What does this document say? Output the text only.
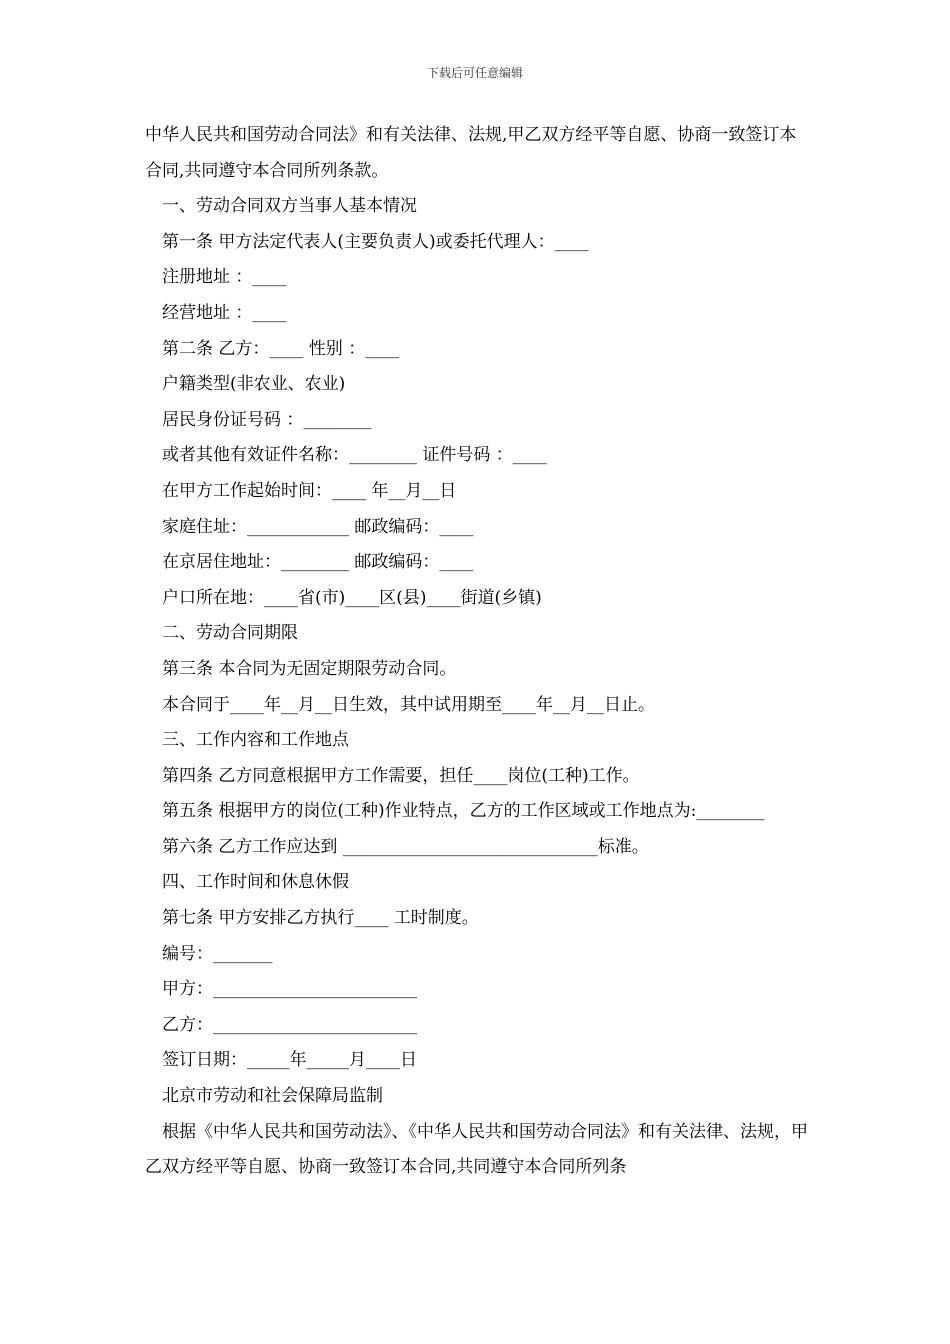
下载后可任意编辑

中华人民共和国劳动合同法》和有关法律、法规,甲乙双方经平等自愿、协商一致签订本合同,共同遵守本合同所列条款。

一、劳动合同双方当事人基本情况

第一条 甲方法定代表人(主要负责人)或委托代理人：____

注册地址 ：____

经营地址 ：____

第二条 乙方：____ 性别 ：____

户籍类型(非农业、农业)

居民身份证号码 ：________

或者其他有效证件名称：________ 证件号码 ：____

在甲方工作起始时间：____ 年__月__日

家庭住址：____________ 邮政编码：____

在京居住地址：________ 邮政编码：____

户口所在地：____省(市)____区(县)____街道(乡镇)

二、劳动合同期限

第三条 本合同为无固定期限劳动合同。

本合同于____年__月__日生效，其中试用期至____年__月__日止。

三、工作内容和工作地点

第四条 乙方同意根据甲方工作需要，担任____岗位(工种)工作。

第五条 根据甲方的岗位(工种)作业特点，乙方的工作区域或工作地点为:________

第六条 乙方工作应达到 ______________________________标准。

四、工作时间和休息休假

第七条 甲方安排乙方执行____ 工时制度。

编号：_______

甲方：________________________

乙方：________________________

签订日期：_____年_____月____日

北京市劳动和社会保障局监制

根据《中华人民共和国劳动法》、《中华人民共和国劳动合同法》和有关法律、法规，甲乙双方经平等自愿、协商一致签订本合同,共同遵守本合同所列条
